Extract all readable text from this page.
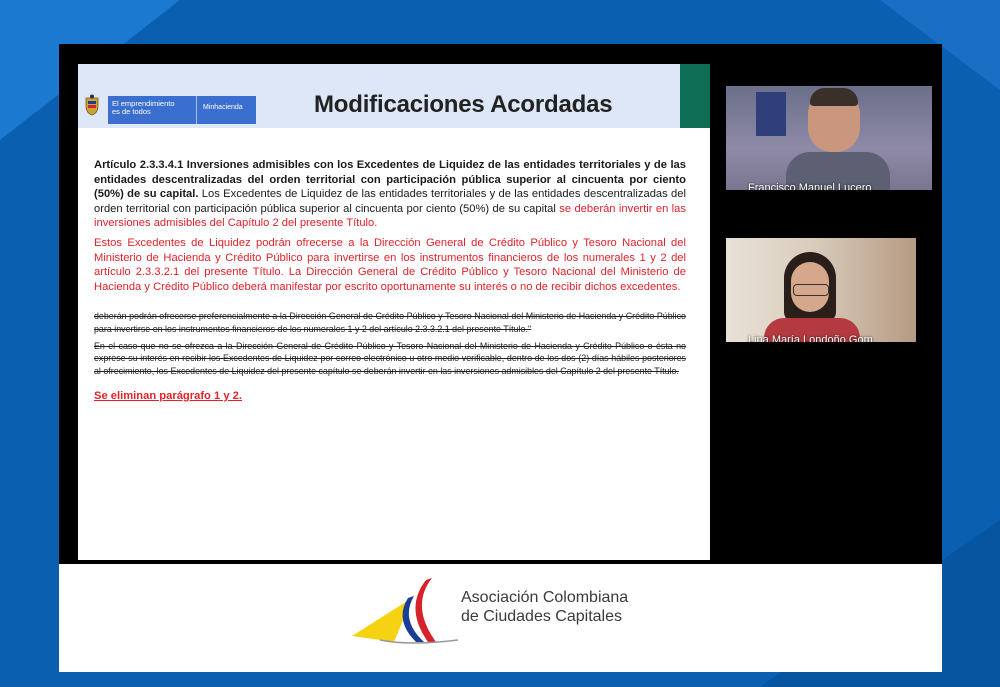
El emprendimiento
es de todos	Minhacienda	Modificaciones Acordadas

Artículo 2.3.3.4.1 Inversiones admisibles con los Excedentes de Liquidez de las entidades territoriales y de las entidades descentralizadas del orden territorial con participación pública superior al cincuenta por ciento (50%) de su capital. Los Excedentes de Liquidez de las entidades territoriales y de las entidades descentralizadas del orden territorial con participación pública superior al cincuenta por ciento (50%) de su capital se deberán invertir en las inversiones admisibles del Capítulo 2 del presente Título.

Estos Excedentes de Liquidez podrán ofrecerse a la Dirección General de Crédito Público y Tesoro Nacional del Ministerio de Hacienda y Crédito Público para invertirse en los instrumentos financieros de los numerales 1 y 2 del artículo 2.3.3.2.1 del presente Título. La Dirección General de Crédito Público y Tesoro Nacional del Ministerio de Hacienda y Crédito Público deberá manifestar por escrito oportunamente su interés o no de recibir dichos excedentes.

deberán podrán ofrecerse preferencialmente a la Dirección General de Crédito Público y Tesoro Nacional del Ministerio de Hacienda y Crédito Público para invertirse en los instrumentos financieros de los numerales 1 y 2 del artículo 2.3.3.2.1 del presente Título."

En el caso que no se ofrezca a la Dirección General de Crédito Público y Tesoro Nacional del Ministerio de Hacienda y Crédito Público o ésta no exprese su interés en recibir los Excedentes de Liquidez por correo electrónico u otro medio verificable, dentro de los dos (2) días hábiles posteriores al ofrecimiento, los Excedentes de Liquidez del presente capítulo se deberán invertir en las inversiones admisibles del Capítulo 2 del presente Título.

Se eliminan parágrafo 1 y 2.
Francisco Manuel Lucero
Lina María Londoño Gom
Asociación Colombiana
de Ciudades Capitales
